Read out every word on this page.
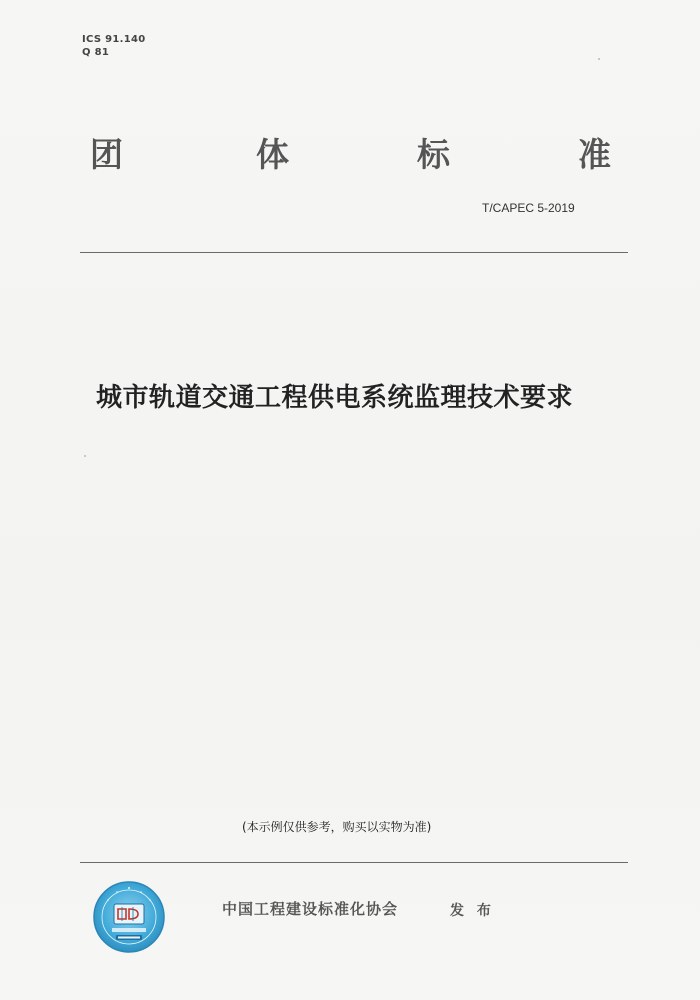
ICS 91.140
Q 81
团	体	标	准
T/CAPEC 5-2019
城市轨道交通工程供电系统监理技术要求
(本示例仅供参考，购买以实物为准)
中国工程建设标准化协会	发 布
